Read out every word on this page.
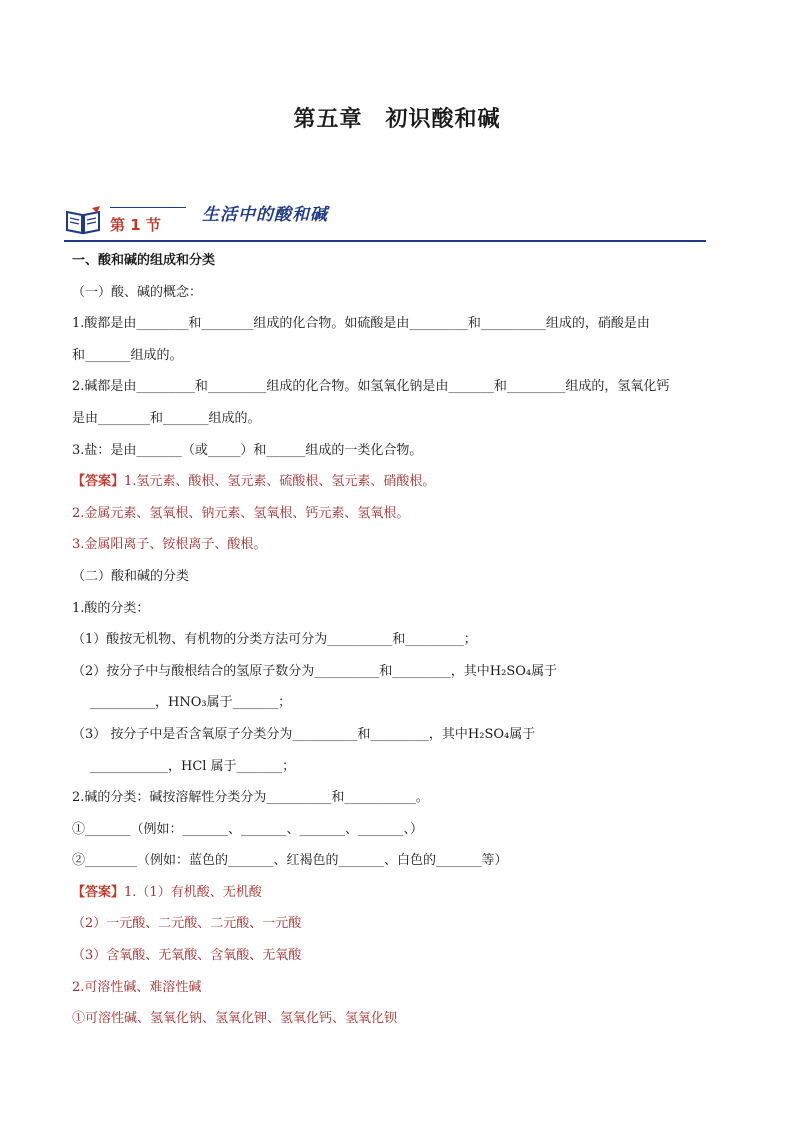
第五章　初识酸和碱
第 1 节 生活中的酸和碱
一、酸和碱的组成和分类
（一）酸、碱的概念：
1.酸都是由________和________组成的化合物。如硫酸是由_________和__________组成的，硝酸是由
和_______组成的。
2.碱都是由_________和_________组成的化合物。如氢氧化钠是由_______和_________组成的，氢氧化钙
是由________和_______组成的。
3.盐：是由_______（或_____）和______组成的一类化合物。
【答案】1.氢元素、酸根、氢元素、硫酸根、氢元素、硝酸根。
2.金属元素、氢氧根、钠元素、氢氧根、钙元素、氢氧根。
3.金属阳离子、铵根离子、酸根。
（二）酸和碱的分类
1.酸的分类：
（1）酸按无机物、有机物的分类方法可分为__________和_________；
（2）按分子中与酸根结合的氢原子数分为__________和_________，其中H₂SO₄属于
__________，HNO₃属于_______；
（3） 按分子中是否含氧原子分类分为__________和_________，其中H₂SO₄属于
____________，HCl 属于_______；
2.碱的分类：碱按溶解性分类分为__________和___________。
①_______（例如：_______、_______、_______、_______、）
②________（例如：蓝色的_______、红褐色的_______、白色的_______等）
【答案】1.（1）有机酸、无机酸
（2）一元酸、二元酸、二元酸、一元酸
（3）含氧酸、无氧酸、含氧酸、无氧酸
2.可溶性碱、难溶性碱
①可溶性碱、氢氧化钠、氢氧化钾、氢氧化钙、氢氧化钡
